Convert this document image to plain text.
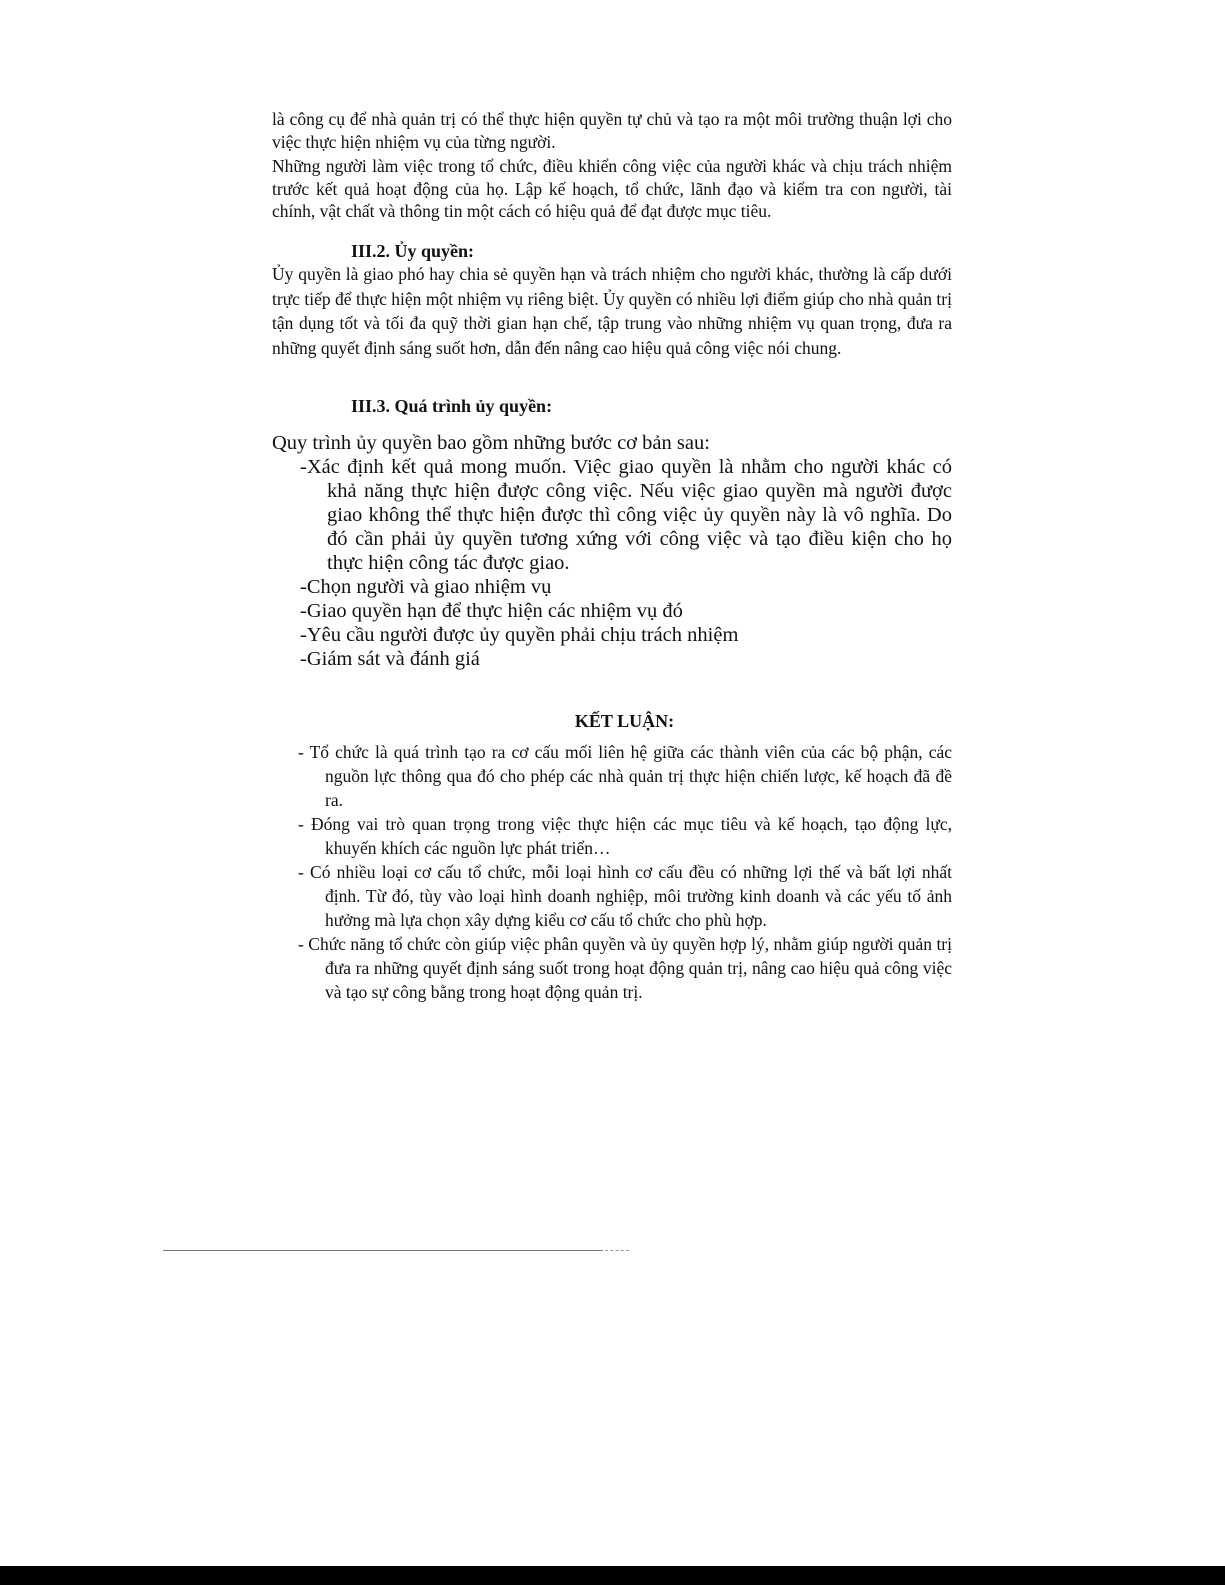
là công cụ để nhà quản trị có thể thực hiện quyền tự chủ và tạo ra một môi trường thuận lợi cho việc thực hiện nhiệm vụ của từng người.

Những người làm việc trong tổ chức, điều khiển công việc của người khác và chịu trách nhiệm trước kết quả hoạt động của họ. Lập kế hoạch, tổ chức, lãnh đạo và kiểm tra con người, tài chính, vật chất và thông tin một cách có hiệu quả để đạt được mục tiêu.

III.2. Ủy quyền:

Ủy quyền là giao phó hay chia sẻ quyền hạn và trách nhiệm cho người khác, thường là cấp dưới trực tiếp để thực hiện một nhiệm vụ riêng biệt. Ủy quyền có nhiều lợi điểm giúp cho nhà quản trị tận dụng tốt và tối đa quỹ thời gian hạn chế, tập trung vào những nhiệm vụ quan trọng, đưa ra những quyết định sáng suốt hơn, dẫn đến nâng cao hiệu quả công việc nói chung.

III.3. Quá trình ủy quyền:

Quy trình ủy quyền bao gồm những bước cơ bản sau:

-Xác định kết quả mong muốn. Việc giao quyền là nhằm cho người khác có khả năng thực hiện được công việc. Nếu việc giao quyền mà người được giao không thể thực hiện được thì công việc ủy quyền này là vô nghĩa. Do đó cần phải ủy quyền tương xứng với công việc và tạo điều kiện cho họ thực hiện công tác được giao.

-Chọn người và giao nhiệm vụ

-Giao quyền hạn để thực hiện các nhiệm vụ đó

-Yêu cầu người được ủy quyền phải chịu trách nhiệm

-Giám sát và đánh giá

KẾT LUẬN:

- Tổ chức là quá trình tạo ra cơ cấu mối liên hệ giữa các thành viên của các bộ phận, các nguồn lực thông qua đó cho phép các nhà quản trị thực hiện chiến lược, kế hoạch đã đề ra.

- Đóng vai trò quan trọng trong việc thực hiện các mục tiêu và kế hoạch, tạo động lực, khuyến khích các nguồn lực phát triển…

- Có nhiều loại cơ cấu tổ chức, mỗi loại hình cơ cấu đều có những lợi thế và bất lợi nhất định. Từ đó, tùy vào loại hình doanh nghiệp, môi trường kinh doanh và các yếu tố ảnh hưởng mà lựa chọn xây dựng kiểu cơ cấu tổ chức cho phù hợp.

- Chức năng tổ chức còn giúp việc phân quyền và ủy quyền hợp lý, nhằm giúp người quản trị đưa ra những quyết định sáng suốt trong hoạt động quản trị, nâng cao hiệu quả công việc và tạo sự công bằng trong hoạt động quản trị.
